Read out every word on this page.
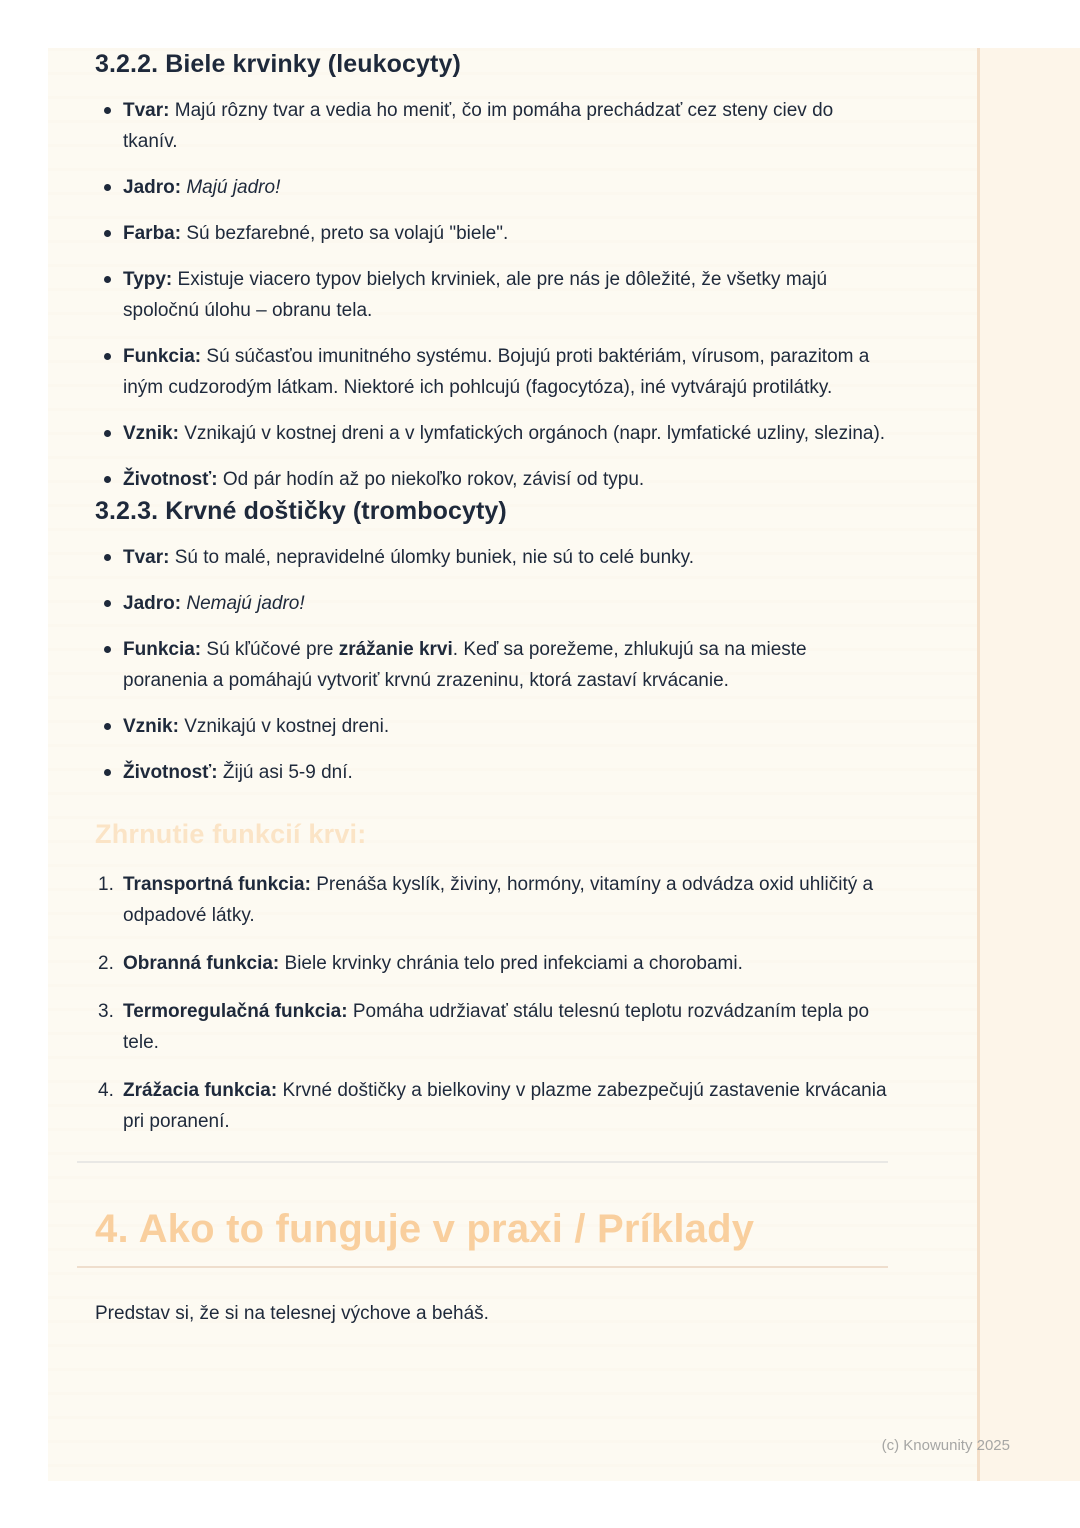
3.2.2. Biele krvinky (leukocyty)
Tvar: Majú rôzny tvar a vedia ho meniť, čo im pomáha prechádzať cez steny ciev do tkanív.
Jadro: Majú jadro!
Farba: Sú bezfarebné, preto sa volajú "biele".
Typy: Existuje viacero typov bielych krviniek, ale pre nás je dôležité, že všetky majú spoločnú úlohu – obranu tela.
Funkcia: Sú súčasťou imunitného systému. Bojujú proti baktériám, vírusom, parazitom a iným cudzorodým látkam. Niektoré ich pohlcujú (fagocytóza), iné vytvárajú protilátky.
Vznik: Vznikajú v kostnej dreni a v lymfatických orgánoch (napr. lymfatické uzliny, slezina).
Životnosť: Od pár hodín až po niekoľko rokov, závisí od typu.
3.2.3. Krvné doštičky (trombocyty)
Tvar: Sú to malé, nepravidelné úlomky buniek, nie sú to celé bunky.
Jadro: Nemajú jadro!
Funkcia: Sú kľúčové pre zrážanie krvi. Keď sa porežeme, zhlukujú sa na mieste poranenia a pomáhajú vytvoriť krvnú zrazeninu, ktorá zastaví krvácanie.
Vznik: Vznikajú v kostnej dreni.
Životnosť: Žijú asi 5-9 dní.
Zhrnutie funkcií krvi:
1. Transportná funkcia: Prenáša kyslík, živiny, hormóny, vitamíny a odvádza oxid uhličitý a odpadové látky.
2. Obranná funkcia: Biele krvinky chránia telo pred infekciami a chorobami.
3. Termoregulačná funkcia: Pomáha udržiavať stálu telesnú teplotu rozvádzaním tepla po tele.
4. Zrážacia funkcia: Krvné doštičky a bielkoviny v plazme zabezpečujú zastavenie krvácania pri poranení.
4. Ako to funguje v praxi / Príklady

Predstav si, že si na telesnej výchove a beháš.

(c) Knowunity 2025
